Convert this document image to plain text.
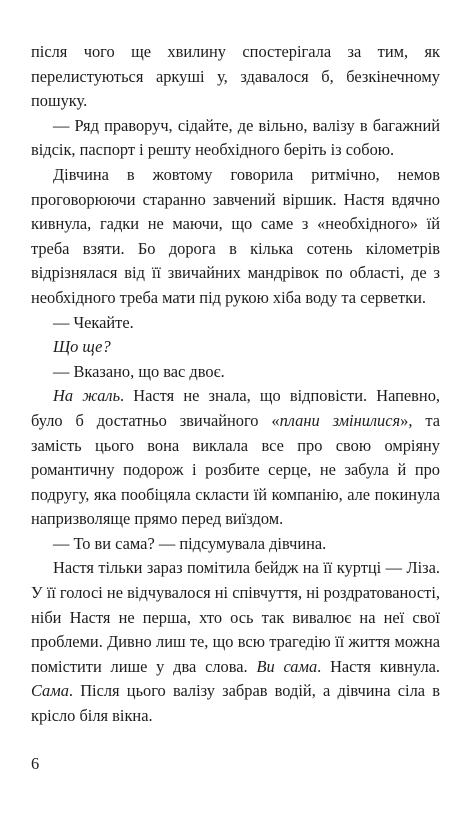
після чого ще хвилину спостерігала за тим, як перелистуються аркуші у, здавалося б, безкінечному пошуку.

— Ряд праворуч, сідайте, де вільно, валізу в багажний відсік, паспорт і решту необхідного беріть із собою.

Дівчина в жовтому говорила ритмічно, немов проговорюючи старанно завчений віршик. Настя вдячно кивнула, гадки не маючи, що саме з «необхідного» їй треба взяти. Бо дорога в кілька сотень кілометрів відрізнялася від її звичайних мандрівок по області, де з необхідного треба мати під рукою хіба воду та серветки.

— Чекайте.

Що ще?

— Вказано, що вас двоє.

На жаль. Настя не знала, що відповісти. Напевно, було б достатньо звичайного «плани змінилися», та замість цього вона виклала все про свою омріяну романтичну подорож і розбите серце, не забула й про подругу, яка пообіцяла скласти їй компанію, але покинула напризволяще прямо перед виїздом.

— То ви сама? — підсумувала дівчина.

Настя тільки зараз помітила бейдж на її куртці — Ліза. У її голосі не відчувалося ні співчуття, ні роздратованості, ніби Настя не перша, хто ось так вивалює на неї свої проблеми. Дивно лиш те, що всю трагедію її життя можна помістити лише у два слова. Ви сама. Настя кивнула. Сама. Після цього валізу забрав водій, а дівчина сіла в крісло біля вікна.

6
